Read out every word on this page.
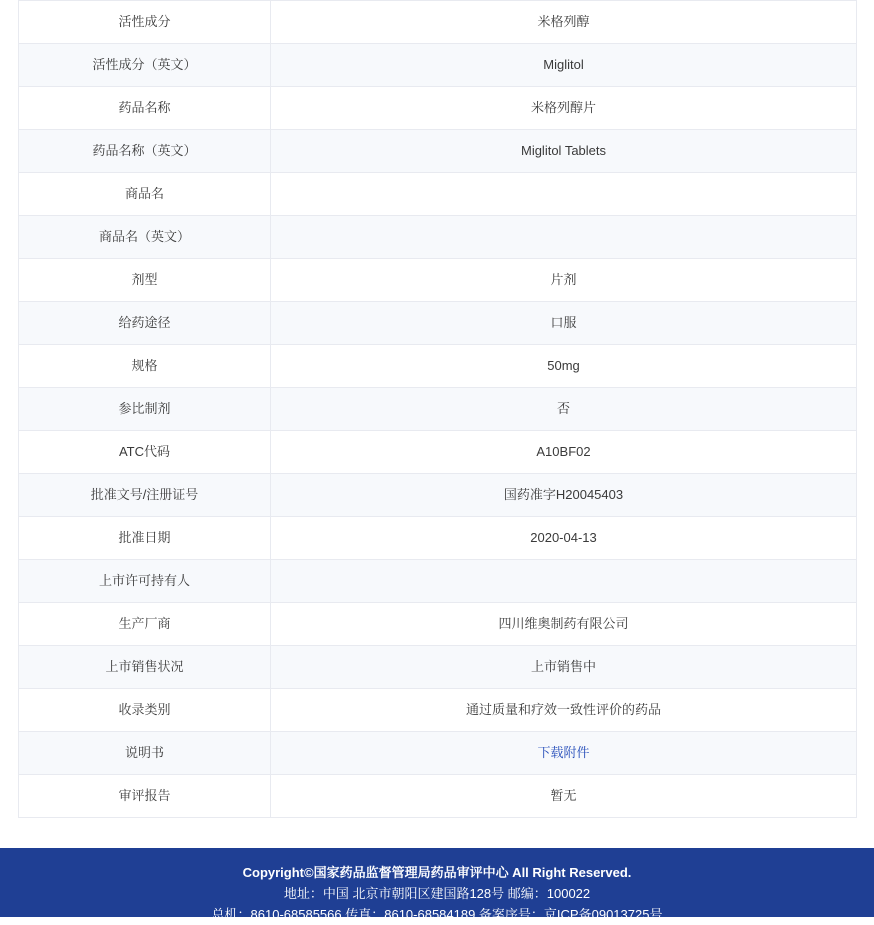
活性成分	米格列醇
活性成分（英文）	Miglitol
药品名称	米格列醇片
药品名称（英文）	Miglitol Tablets
商品名	
商品名（英文）	
剂型	片剂
给药途径	口服
规格	50mg
参比制剂	否
ATC代码	A10BF02
批准文号/注册证号	国药准字H20045403
批准日期	2020-04-13
上市许可持有人	
生产厂商	四川维奥制药有限公司
上市销售状况	上市销售中
收录类别	通过质量和疗效一致性评价的药品
说明书	下载附件
审评报告	暂无
Copyright©国家药品监督管理局药品审评中心 All Right Reserved.
地址：中国 北京市朝阳区建国路128号 邮编：100022
总机：8610-68585566 传真：8610-68584189 备案序号：京ICP备09013725号
